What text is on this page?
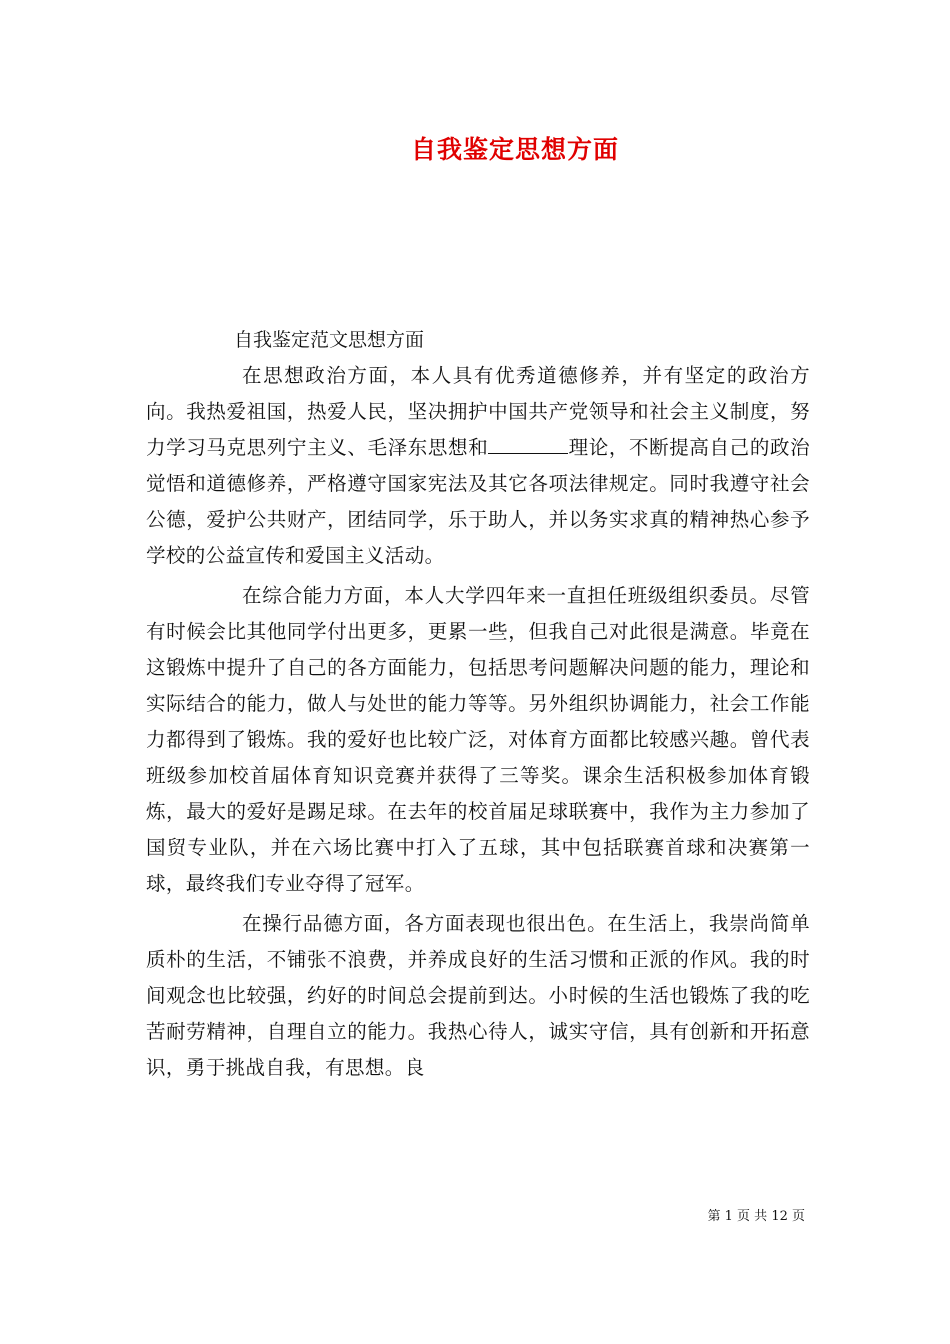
自我鉴定思想方面

自我鉴定范文思想方面

在思想政治方面，本人具有优秀道德修养，并有坚定的政治方向。我热爱祖国，热爱人民，坚决拥护中国共产党领导和社会主义制度，努力学习马克思列宁主义、毛泽东思想和	理论，不断提高自己的政治觉悟和道德修养，严格遵守国家宪法及其它各项法律规定。同时我遵守社会公德，爱护公共财产，团结同学，乐于助人，并以务实求真的精神热心参予学校的公益宣传和爱国主义活动。

在综合能力方面，本人大学四年来一直担任班级组织委员。尽管有时候会比其他同学付出更多，更累一些，但我自己对此很是满意。毕竟在这锻炼中提升了自己的各方面能力，包括思考问题解决问题的能力，理论和实际结合的能力，做人与处世的能力等等。另外组织协调能力，社会工作能力都得到了锻炼。我的爱好也比较广泛，对体育方面都比较感兴趣。曾代表班级参加校首届体育知识竞赛并获得了三等奖。课余生活积极参加体育锻炼，最大的爱好是踢足球。在去年的校首届足球联赛中，我作为主力参加了国贸专业队，并在六场比赛中打入了五球，其中包括联赛首球和决赛第一球，最终我们专业夺得了冠军。

在操行品德方面，各方面表现也很出色。在生活上，我崇尚简单质朴的生活，不铺张不浪费，并养成良好的生活习惯和正派的作风。我的时间观念也比较强，约好的时间总会提前到达。小时候的生活也锻炼了我的吃苦耐劳精神，自理自立的能力。我热心待人，诚实守信，具有创新和开拓意识，勇于挑战自我，有思想。良

第 1 页 共 12 页
